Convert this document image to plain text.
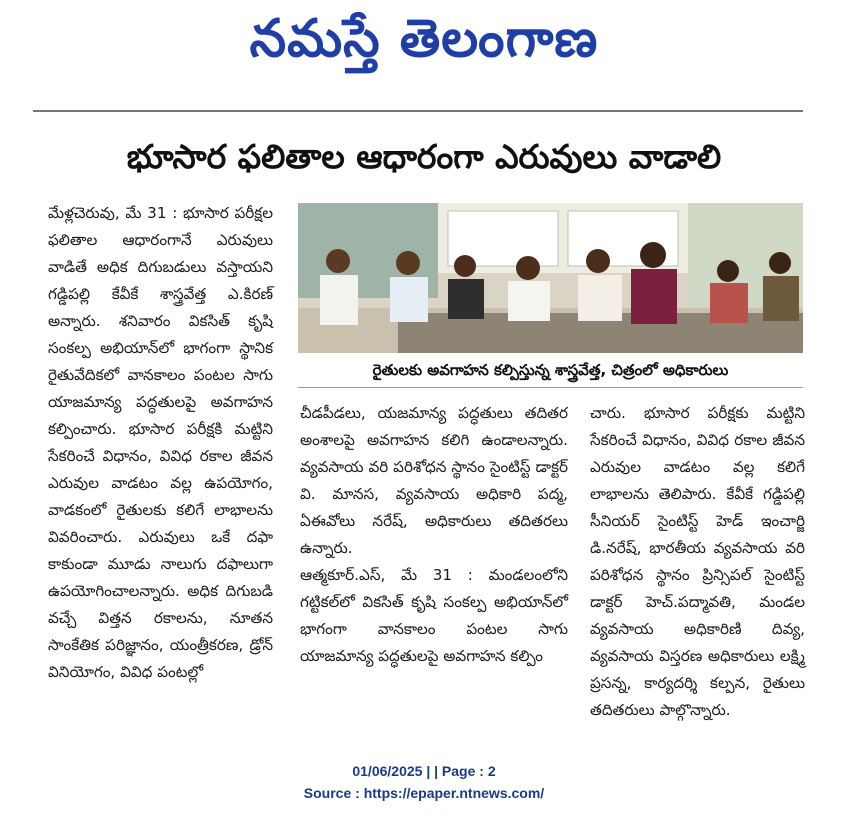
నమస్తే తెలంగాణ
భూసార ఫలితాల ఆధారంగా ఎరువులు వాడాలి

మేళ్లచెరువు, మే 31 : భూసార పరీక్షల ఫలితాల ఆధారంగానే ఎరువులు వాడితే అధిక దిగుబడులు వస్తాయని గడ్డిపల్లి కేవీకే శాస్త్రవేత్త ఎ.కిరణ్ అన్నారు. శనివారం వికసిత్ కృషి సంకల్ప అభియాన్‌లో భాగంగా స్థానిక రైతువేదికలో వానకాలం పంటల సాగు యాజమాన్య పద్ధతులపై అవగాహన కల్పించారు. భూసార పరీక్షకి మట్టిని సేకరించే విధానం, వివిధ రకాల జీవన ఎరువుల వాడటం వల్ల ఉపయోగం, వాడకంలో రైతులకు కలిగే లాభాలను వివరించారు. ఎరువులు ఒకే దఫా కాకుండా మూడు నాలుగు దఫాలుగా ఉపయోగించాలన్నారు. అధిక దిగుబడి వచ్చే విత్తన రకాలను, నూతన సాంకేతిక పరిజ్ఞానం, యంత్రీకరణ, డ్రోన్ వినియోగం, వివిధ పంటల్లో

రైతులకు అవగాహన కల్పిస్తున్న శాస్త్రవేత్త, చిత్రంలో అధికారులు

చీడపీడలు, యజమాన్య పద్ధతులు తదితర అంశాలపై అవగాహన కలిగి ఉండాలన్నారు. వ్యవసాయ వరి పరిశోధన స్థానం సైంటిస్ట్ డాక్టర్ వి. మానస, వ్యవసాయ అధికారి పద్మ, ఏఈవోలు నరేష్, అధికారులు తదితరలు ఉన్నారు.

ఆత్మకూర్.ఎస్, మే 31 : మండలంలోని గట్టికల్‌లో వికసిత్ కృషి సంకల్ప అభియాన్‌లో భాగంగా వానకాలం పంటల సాగు యాజమాన్య పద్ధతులపై అవగాహన కల్పిం

చారు. భూసార పరీక్షకు మట్టిని సేకరించే విధానం, వివిధ రకాల జీవన ఎరువుల వాడటం వల్ల కలిగే లాభాలను తెలిపారు. కేవీకే గడ్డిపల్లి సీనియర్ సైంటిస్ట్ హెడ్ ఇంచార్జి డి.నరేష్, భారతీయ వ్యవసాయ వరి పరిశోధన స్థానం ప్రిన్సిపల్ సైంటిస్ట్ డాక్టర్ హెచ్.పద్మావతి, మండల వ్యవసాయ అధికారిణి దివ్య, వ్యవసాయ విస్తరణ అధికారులు లక్ష్మి ప్రసన్న, కార్యదర్శి కల్పన, రైతులు తదితరులు పాల్గొన్నారు.

01/06/2025 | | Page : 2
Source : https://epaper.ntnews.com/
